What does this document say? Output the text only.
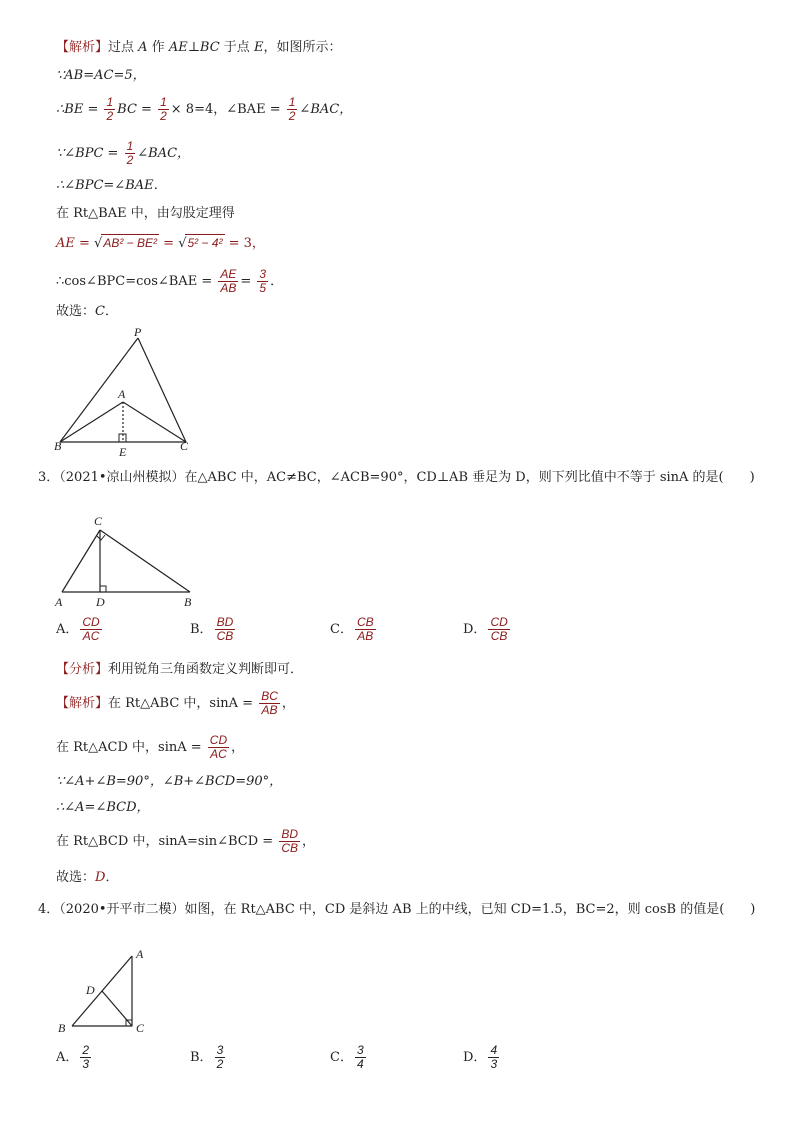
【解析】过点 A 作 AE⊥BC 于点 E，如图所示：
∵AB=AC=5，
∴BE = $\frac{1}{2}$ BC = $\frac{1}{2} \times 8=4$，∠BAE = $\frac{1}{2}$ ∠BAC，
∵∠BPC = $\frac{1}{2}$ ∠BAC，
∴∠BPC=∠BAE．
在 Rt△BAE 中，由勾股定理得
AE = √AB² − BE² = √5² − 4² = 3，
∴cos∠BPC=cos∠BAE = $\frac{AE}{AB} = \frac{3}{5}$ ．
故选：C．
P
A
B	C
E
3．（2021•凉山州模拟）在△ABC 中，AC≠BC，∠ACB=90°，CD⊥AB 垂足为 D，则下列比值中不等于 sinA 的是(　　)
C
A	D	B
A． $\frac{CD}{AC}$	B． $\frac{BD}{CB}$	C． $\frac{CB}{AB}$	D． $\frac{CD}{CB}$
【分析】利用锐角三角函数定义判断即可．
【解析】在 Rt△ABC 中，$\sin A = \frac{BC}{AB}$ ，
在 Rt△ACD 中，$\sin A = \frac{CD}{AC}$ ，
∵∠A+∠B=90°，∠B+∠BCD=90°，
∴∠A=∠BCD，
在 Rt△BCD 中，sinA=sin∠BCD = $\frac{BD}{CB}$ ，
故选：D．
4．（2020•开平市二模）如图，在 Rt△ABC 中，CD 是斜边 AB 上的中线，已知 CD=1.5，BC=2，则 cosB 的值是(　　)
A
D
B	C
A． $\frac{2}{3}$	B． $\frac{3}{2}$	C． $\frac{3}{4}$	D． $\frac{4}{3}$
